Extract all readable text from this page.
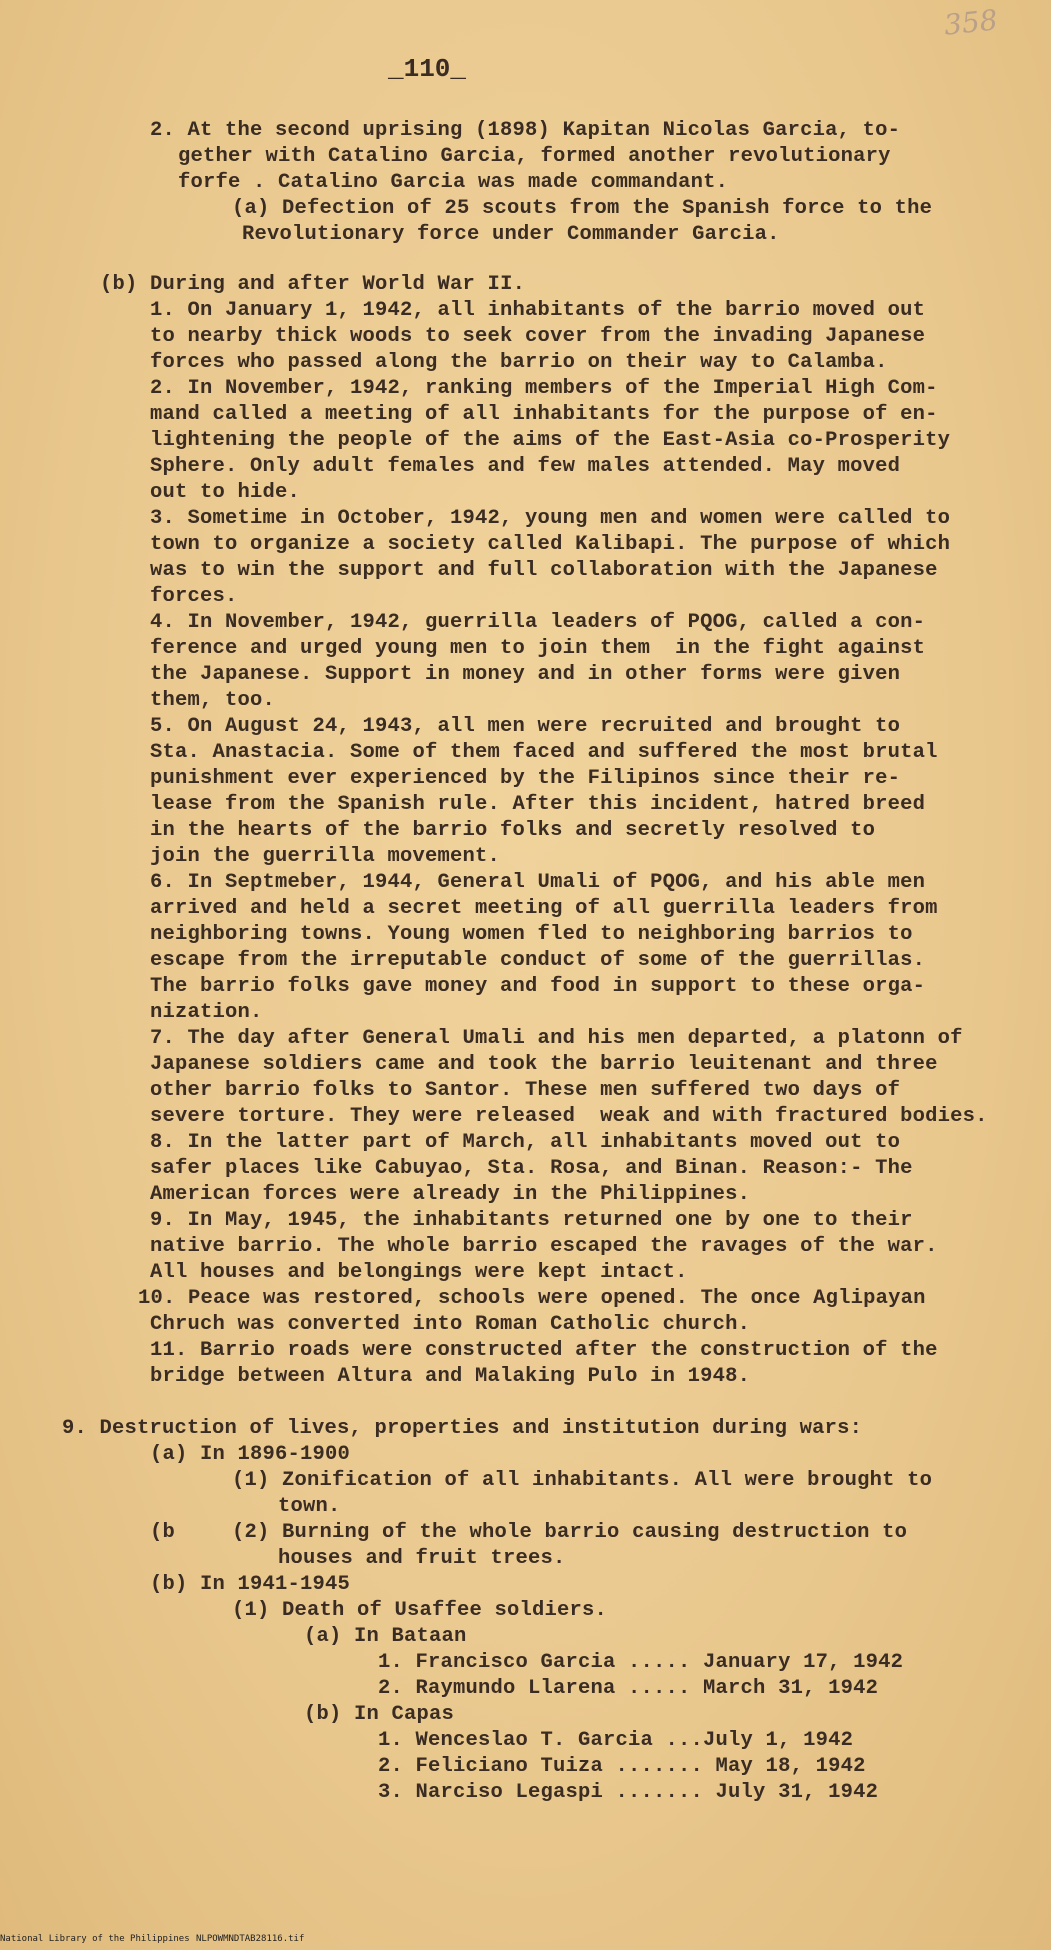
358
_110_
2. At the second uprising (1898) Kapitan Nicolas Garcia, to-
gether with Catalino Garcia, formed another revolutionary
forfe . Catalino Garcia was made commandant.
(a) Defection of 25 scouts from the Spanish force to the
Revolutionary force under Commander Garcia.
(b) During and after World War II.
1. On January 1, 1942, all inhabitants of the barrio moved out
to nearby thick woods to seek cover from the invading Japanese
forces who passed along the barrio on their way to Calamba.
2. In November, 1942, ranking members of the Imperial High Com-
mand called a meeting of all inhabitants for the purpose of en-
lightening the people of the aims of the East-Asia co-Prosperity
Sphere. Only adult females and few males attended. May moved
out to hide.
3. Sometime in October, 1942, young men and women were called to
town to organize a society called Kalibapi. The purpose of which
was to win the support and full collaboration with the Japanese
forces.
4. In November, 1942, guerrilla leaders of PQOG, called a con-
ference and urged young men to join them  in the fight against
the Japanese. Support in money and in other forms were given
them, too.
5. On August 24, 1943, all men were recruited and brought to
Sta. Anastacia. Some of them faced and suffered the most brutal
punishment ever experienced by the Filipinos since their re-
lease from the Spanish rule. After this incident, hatred breed
in the hearts of the barrio folks and secretly resolved to
join the guerrilla movement.
6. In Septmeber, 1944, General Umali of PQOG, and his able men
arrived and held a secret meeting of all guerrilla leaders from
neighboring towns. Young women fled to neighboring barrios to
escape from the irreputable conduct of some of the guerrillas.
The barrio folks gave money and food in support to these orga-
nization.
7. The day after General Umali and his men departed, a platonn of
Japanese soldiers came and took the barrio leuitenant and three
other barrio folks to Santor. These men suffered two days of
severe torture. They were released  weak and with fractured bodies.
8. In the latter part of March, all inhabitants moved out to
safer places like Cabuyao, Sta. Rosa, and Binan. Reason:- The
American forces were already in the Philippines.
9. In May, 1945, the inhabitants returned one by one to their
native barrio. The whole barrio escaped the ravages of the war.
All houses and belongings were kept intact.
10. Peace was restored, schools were opened. The once Aglipayan
Chruch was converted into Roman Catholic church.
11. Barrio roads were constructed after the construction of the
bridge between Altura and Malaking Pulo in 1948.
9. Destruction of lives, properties and institution during wars:
(a) In 1896-1900
(1) Zonification of all inhabitants. All were brought to
town.
(b	(2) Burning of the whole barrio causing destruction to
houses and fruit trees.
(b) In 1941-1945
(1) Death of Usaffee soldiers.
(a) In Bataan
1. Francisco Garcia ..... January 17, 1942
2. Raymundo Llarena ..... March 31, 1942
(b) In Capas
1. Wenceslao T. Garcia ...July 1, 1942
2. Feliciano Tuiza ....... May 18, 1942
3. Narciso Legaspi ....... July 31, 1942
National Library of the Philippines NLPOWMNDTAB28116.tif
